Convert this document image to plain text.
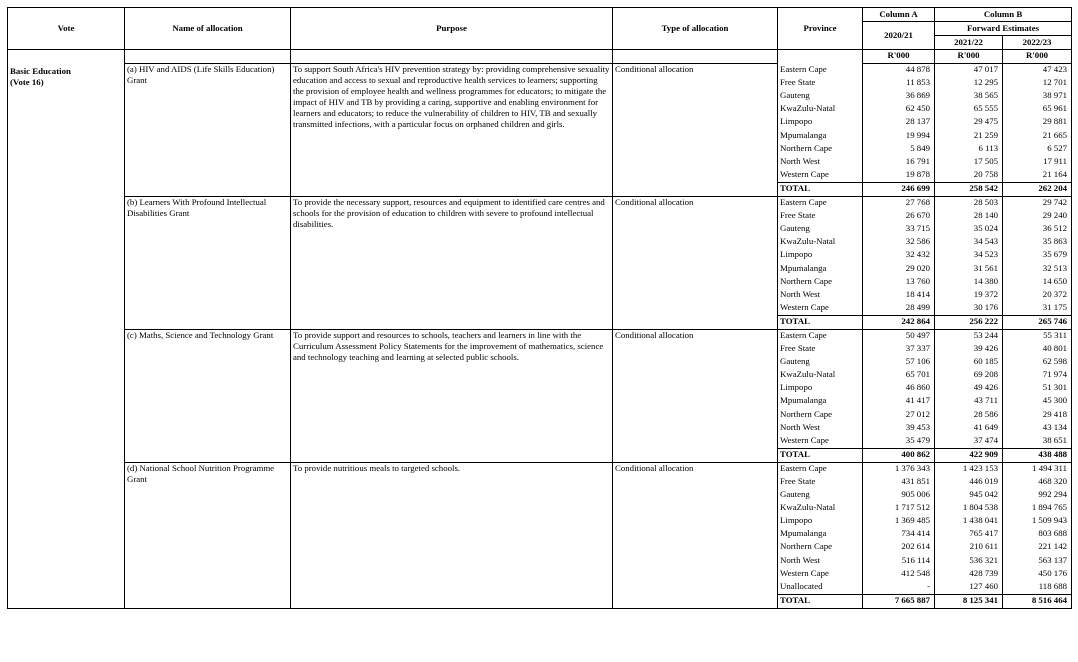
Vote	Name of allocation	Purpose	Type of allocation	Province	Column A	Column B	
					2020/21	Forward Estimates	
						2021/22	2022/23

Basic Education
(Vote 16)					R'000	R'000	R'000
	(a) HIV and AIDS (Life Skills Education) Grant	To support South Africa's HIV prevention strategy by: providing comprehensive sexuality education and access to sexual and reproductive health services to learners; supporting the provision of employee health and wellness programmes for educators; to mitigate the impact of HIV and TB by providing a caring, supportive and enabling environment for learners and educators; to reduce the vulnerability of children to HIV, TB and sexually transmitted infections, with a particular focus on orphaned children and girls.	Conditional allocation	Eastern Cape	44 878	47 017	47 423
				Free State	11 853	12 295	12 701
				Gauteng	36 869	38 565	38 971
				KwaZulu-Natal	62 450	65 555	65 961
				Limpopo	28 137	29 475	29 881
				Mpumalanga	19 994	21 259	21 665
				Northern Cape	5 849	6 113	6 527
				North West	16 791	17 505	17 911
				Western Cape	19 878	20 758	21 164
				TOTAL	246 699	258 542	262 204
	(b) Learners With Profound Intellectual Disabilities Grant	To provide the necessary support, resources and equipment to identified care centres and schools for the provision of education to children with severe to profound intellectual disabilities.	Conditional allocation	Eastern Cape	27 768	28 503	29 742
				Free State	26 670	28 140	29 240
				Gauteng	33 715	35 024	36 512
				KwaZulu-Natal	32 586	34 543	35 863
				Limpopo	32 432	34 523	35 679
				Mpumalanga	29 020	31 561	32 513
				Northern Cape	13 760	14 380	14 650
				North West	18 414	19 372	20 372
				Western Cape	28 499	30 176	31 175
				TOTAL	242 864	256 222	265 746
	(c) Maths, Science and Technology Grant	To provide support and resources to schools, teachers and learners in line with the Curriculum Assessment Policy Statements for the improvement of mathematics, science and technology teaching and learning at selected public schools.	Conditional allocation	Eastern Cape	50 497	53 244	55 311
				Free State	37 337	39 426	40 801
				Gauteng	57 106	60 185	62 598
				KwaZulu-Natal	65 701	69 208	71 974
				Limpopo	46 860	49 426	51 301
				Mpumalanga	41 417	43 711	45 300
				Northern Cape	27 012	28 586	29 418
				North West	39 453	41 649	43 134
				Western Cape	35 479	37 474	38 651
				TOTAL	400 862	422 909	438 488
	(d) National School Nutrition Programme Grant	To provide nutritious meals to targeted schools.	Conditional allocation	Eastern Cape	1 376 343	1 423 153	1 494 311
				Free State	431 851	446 019	468 320
				Gauteng	905 006	945 042	992 294
				KwaZulu-Natal	1 717 512	1 804 538	1 894 765
				Limpopo	1 369 485	1 438 041	1 509 943
				Mpumalanga	734 414	765 417	803 688
				Northern Cape	202 614	210 611	221 142
				North West	516 114	536 321	563 137
				Western Cape	412 548	428 739	450 176
				Unallocated	-	127 460	118 688
				TOTAL	7 665 887	8 125 341	8 516 464
